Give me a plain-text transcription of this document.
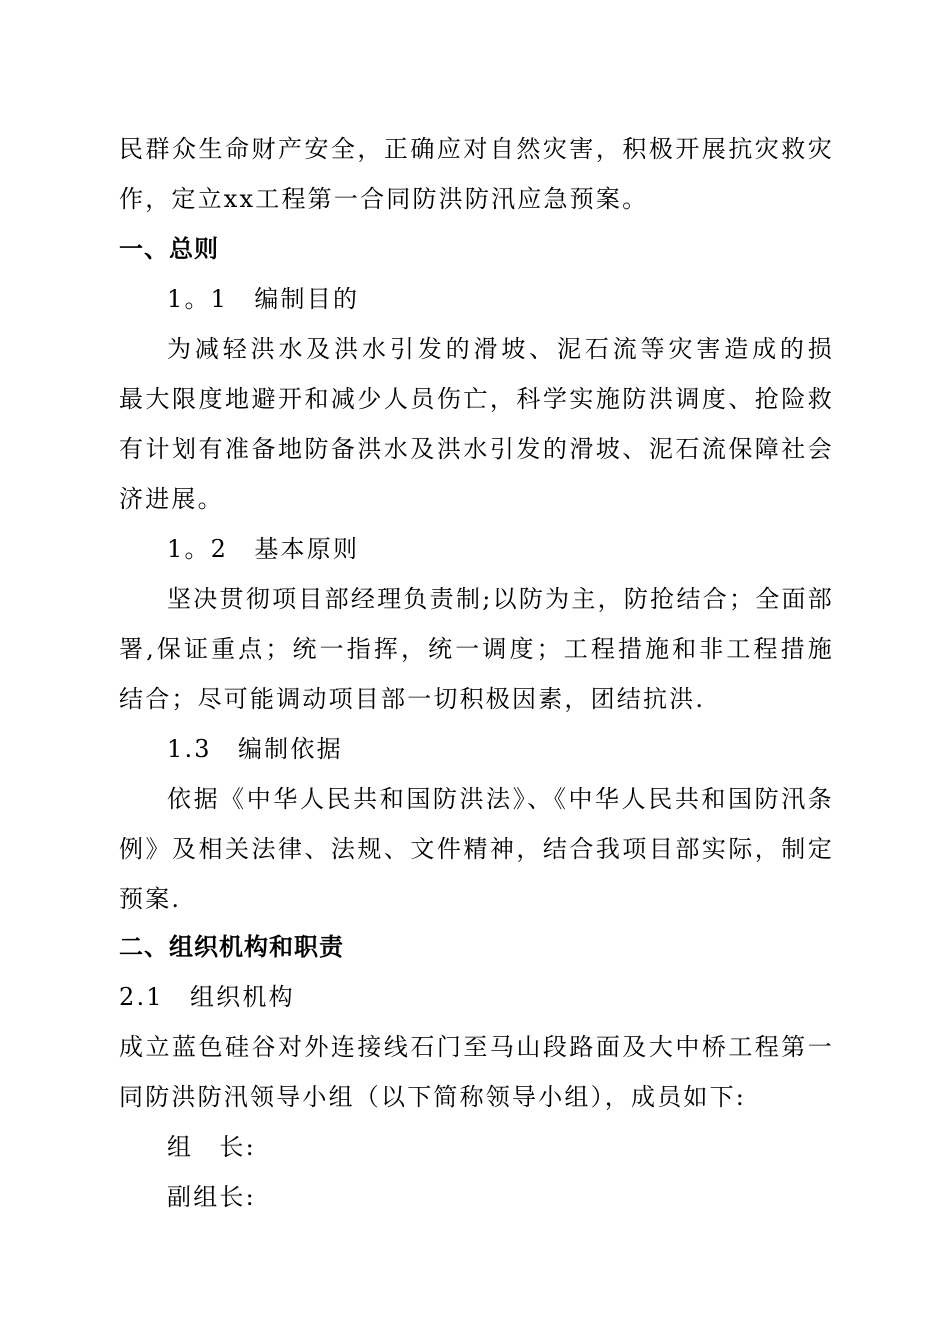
民群众生命财产安全，正确应对自然灾害，积极开展抗灾救灾
作，定立xx工程第一合同防洪防汛应急预案。
一、总则
1。1　编制目的
为减轻洪水及洪水引发的滑坡、泥石流等灾害造成的损
最大限度地避开和减少人员伤亡，科学实施防洪调度、抢险救
有计划有准备地防备洪水及洪水引发的滑坡、泥石流保障社会
济进展。
1。2　基本原则
坚决贯彻项目部经理负责制;以防为主，防抢结合；全面部
署,保证重点；统一指挥，统一调度；工程措施和非工程措施
结合；尽可能调动项目部一切积极因素，团结抗洪.
1.3　编制依据
依据《中华人民共和国防洪法》、《中华人民共和国防汛条
例》及相关法律、法规、文件精神，结合我项目部实际，制定
预案.
二、组织机构和职责
2.1　组织机构
成立蓝色硅谷对外连接线石门至马山段路面及大中桥工程第一
同防洪防汛领导小组（以下简称领导小组），成员如下:
组　长:
副组长:
